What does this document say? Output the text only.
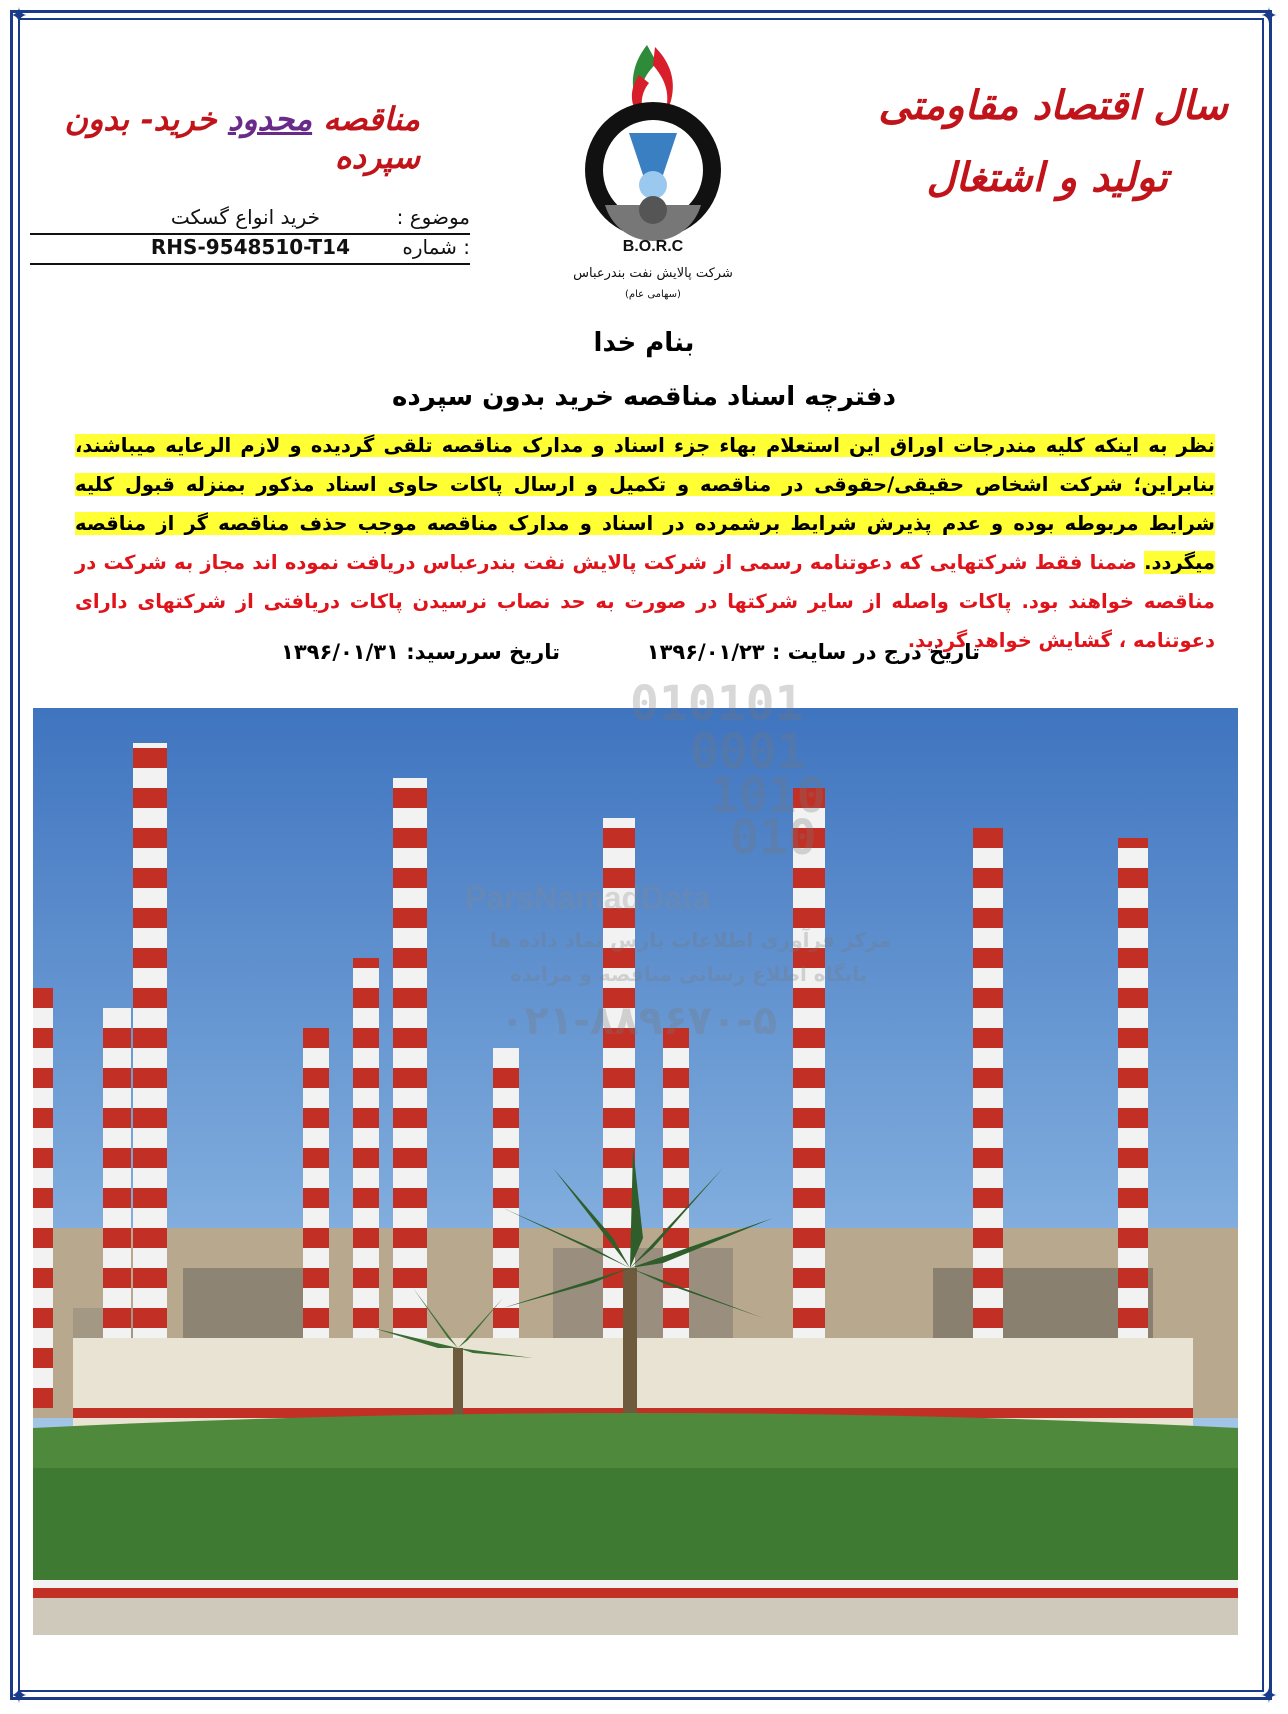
✦	✦
✦	✦
سال اقتصاد مقاومتی
تولید و اشتغال
مناقصه محدود خرید- بدون سپرده
B.O.R.C
شرکت پالایش نفت بندرعباس
(سهامی عام)
موضوع :
خرید انواع گسکت
: شماره
RHS-9548510-T14
بنام خدا
دفترچه اسناد مناقصه خرید بدون سپرده
نظر به اینکه کلیه مندرجات اوراق این استعلام بهاء جزء اسناد و مدارک مناقصه تلقی گردیده و لازم الرعایه میباشند، بنابراین؛ شرکت اشخاص حقیقی/حقوقی در مناقصه و تکمیل و ارسال پاکات حاوی اسناد مذکور بمنزله قبول کلیه شرایط مربوطه بوده و عدم پذیرش شرایط برشمرده در اسناد و مدارک مناقصه موجب حذف مناقصه گر از مناقصه میگردد. ضمنا فقط شرکتهایی که دعوتنامه رسمی از شرکت پالایش نفت بندرعباس دریافت نموده اند مجاز به شرکت در مناقصه خواهند بود. پاکات واصله از سایر شرکتها در صورت به حد نصاب نرسیدن پاکات دریافتی از شرکتهای دارای دعوتنامه ، گشایش خواهد گردید.
تاریخ درج در سایت : ۱۳۹۶/۰۱/۲۳
تاریخ سررسید: ۱۳۹۶/۰۱/۳۱
010101
0001
1010
010
ParsNamadData
مرکز فرآوری اطلاعات پارس نماد داده ها
پایگاه اطلاع رسانی مناقصه و مزایده
۰۲۱-۸۸۹۶۷۰-۵
